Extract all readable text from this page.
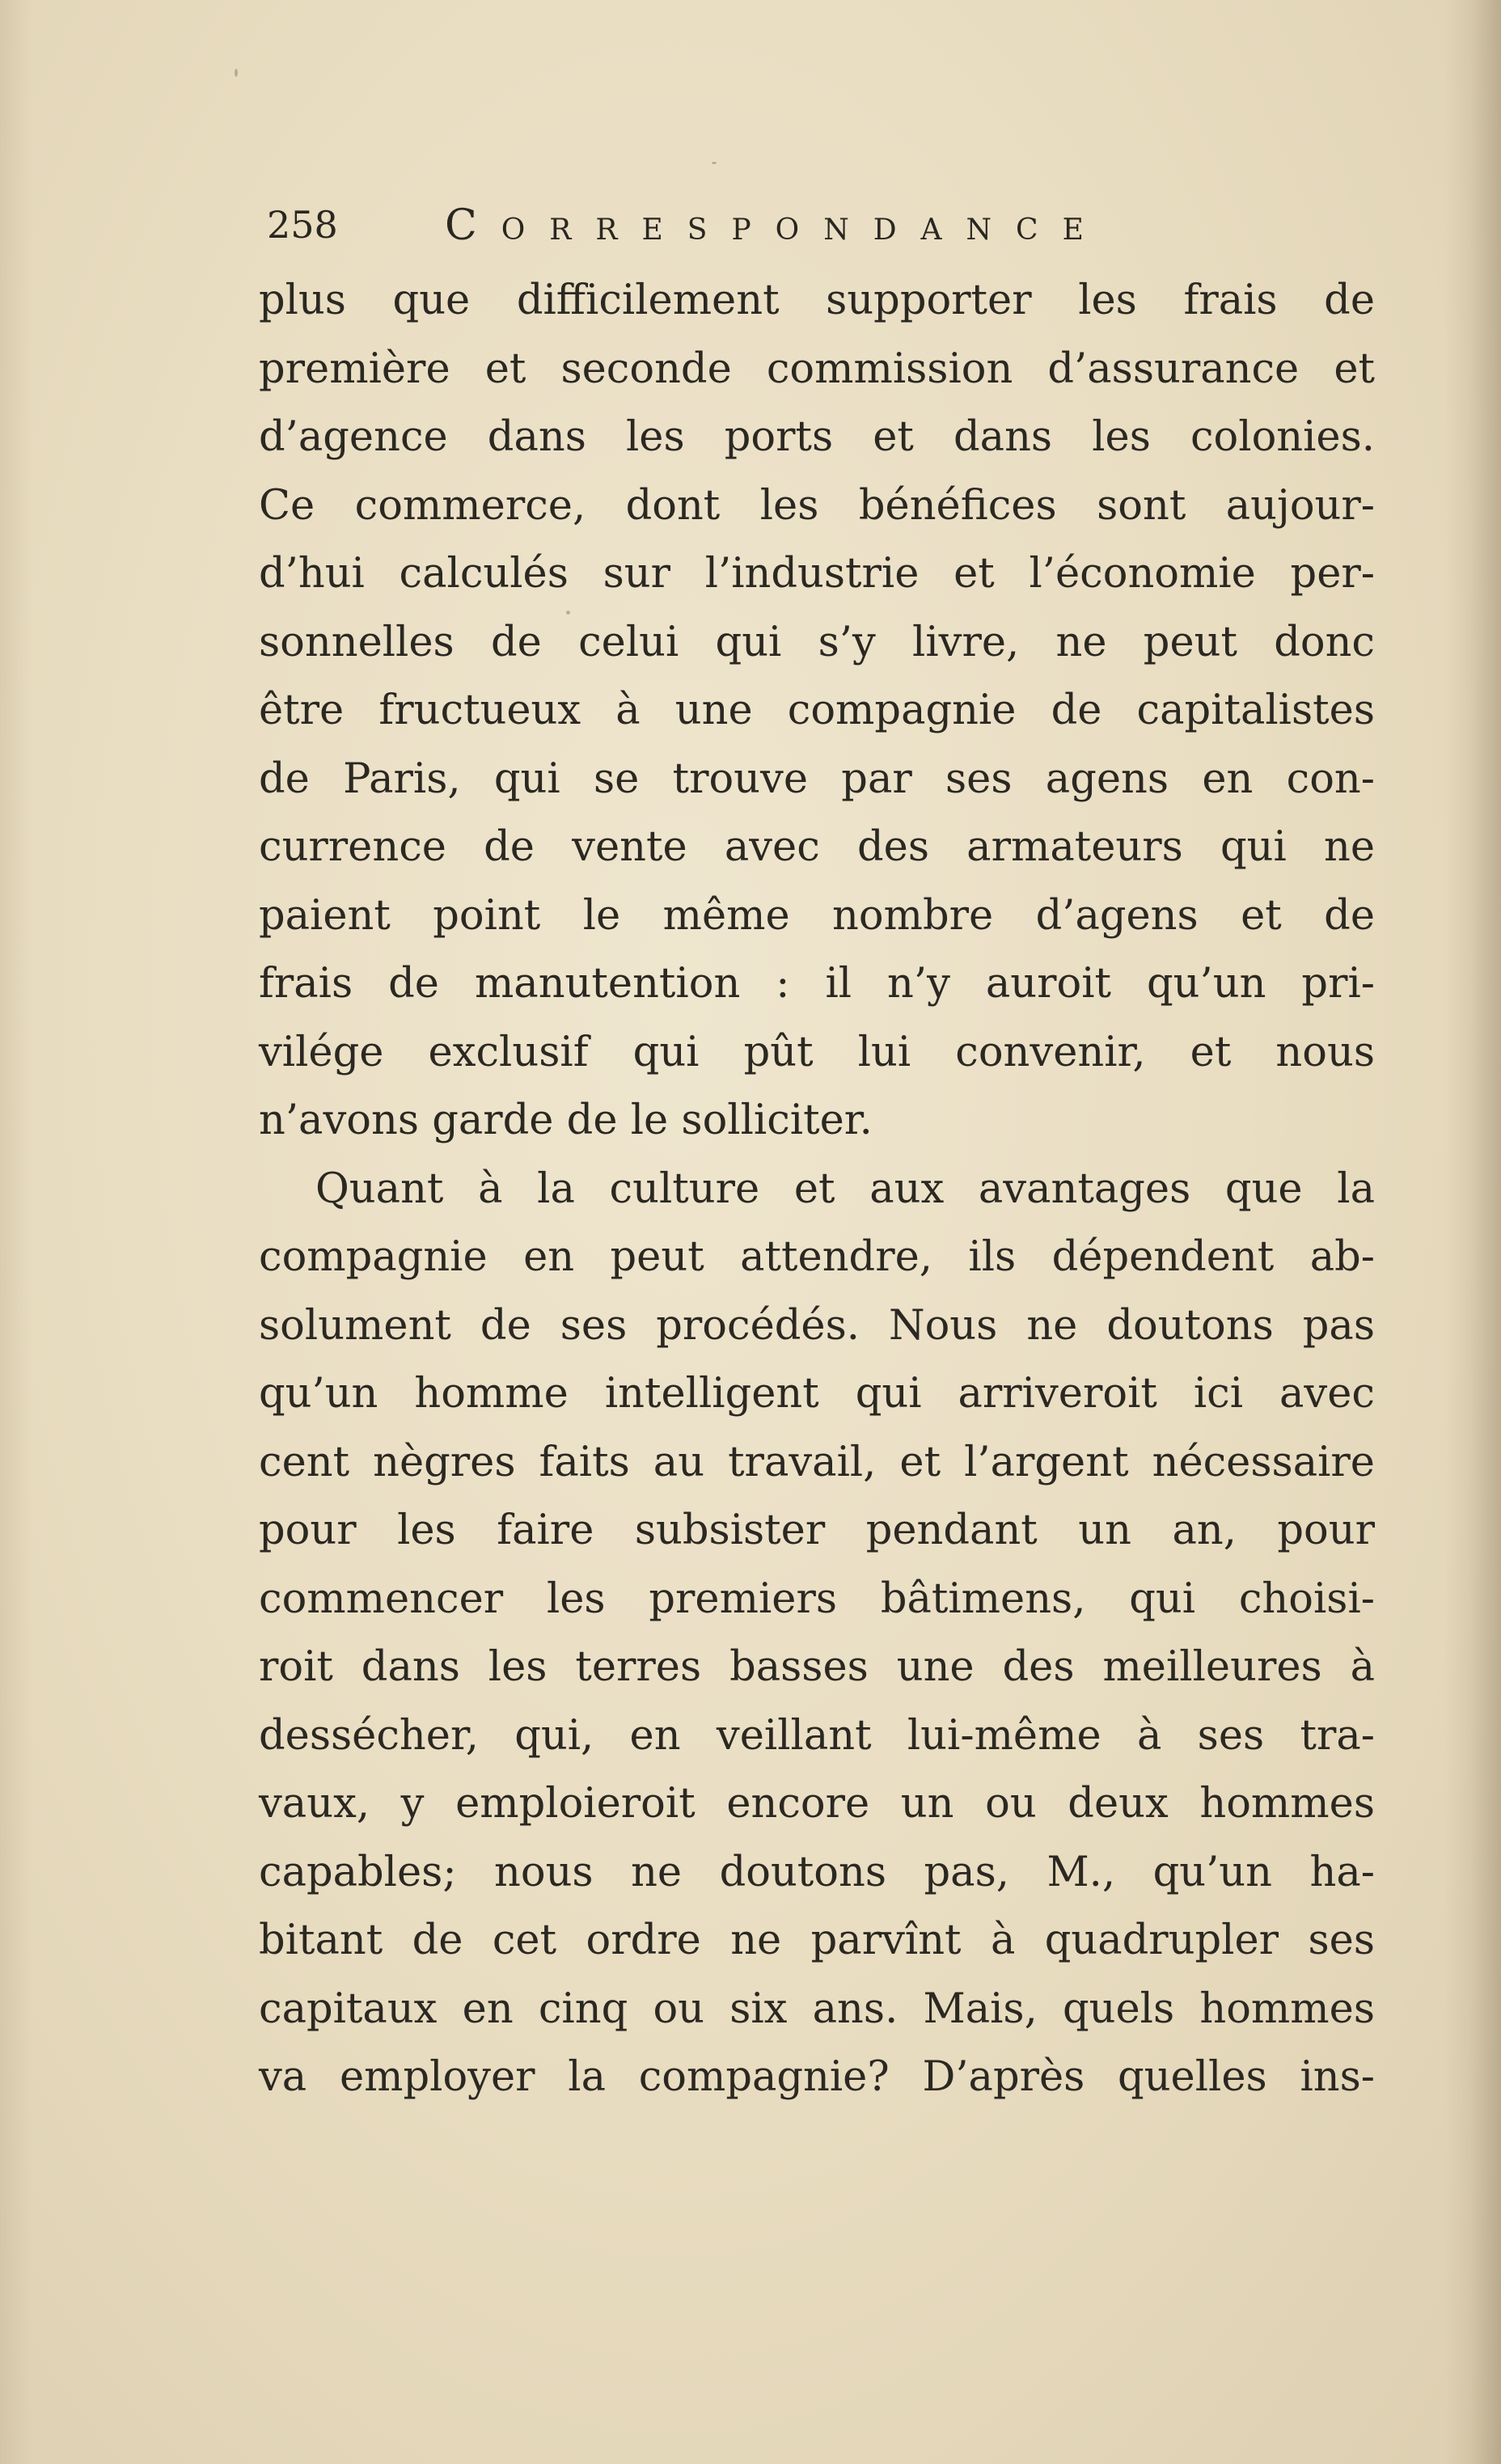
258	Correspondance
plus que difficilement supporter les frais de
première et seconde commission d’assurance et
d’agence dans les ports et dans les colonies.
Ce commerce, dont les bénéfices sont aujour-
d’hui calculés sur l’industrie et l’économie per-
sonnelles de celui qui s’y livre, ne peut donc
être fructueux à une compagnie de capitalistes
de Paris, qui se trouve par ses agens en con-
currence de vente avec des armateurs qui ne
paient point le même nombre d’agens et de
frais de manutention : il n’y auroit qu’un pri-
vilége exclusif qui pût lui convenir, et nous
n’avons garde de le solliciter.
Quant à la culture et aux avantages que la
compagnie en peut attendre, ils dépendent ab-
solument de ses procédés. Nous ne doutons pas
qu’un homme intelligent qui arriveroit ici avec
cent nègres faits au travail, et l’argent nécessaire
pour les faire subsister pendant un an, pour
commencer les premiers bâtimens, qui choisi-
roit dans les terres basses une des meilleures à
dessécher, qui, en veillant lui-même à ses tra-
vaux, y emploieroit encore un ou deux hommes
capables; nous ne doutons pas, M., qu’un ha-
bitant de cet ordre ne parvînt à quadrupler ses
capitaux en cinq ou six ans. Mais, quels hommes
va employer la compagnie? D’après quelles ins-
